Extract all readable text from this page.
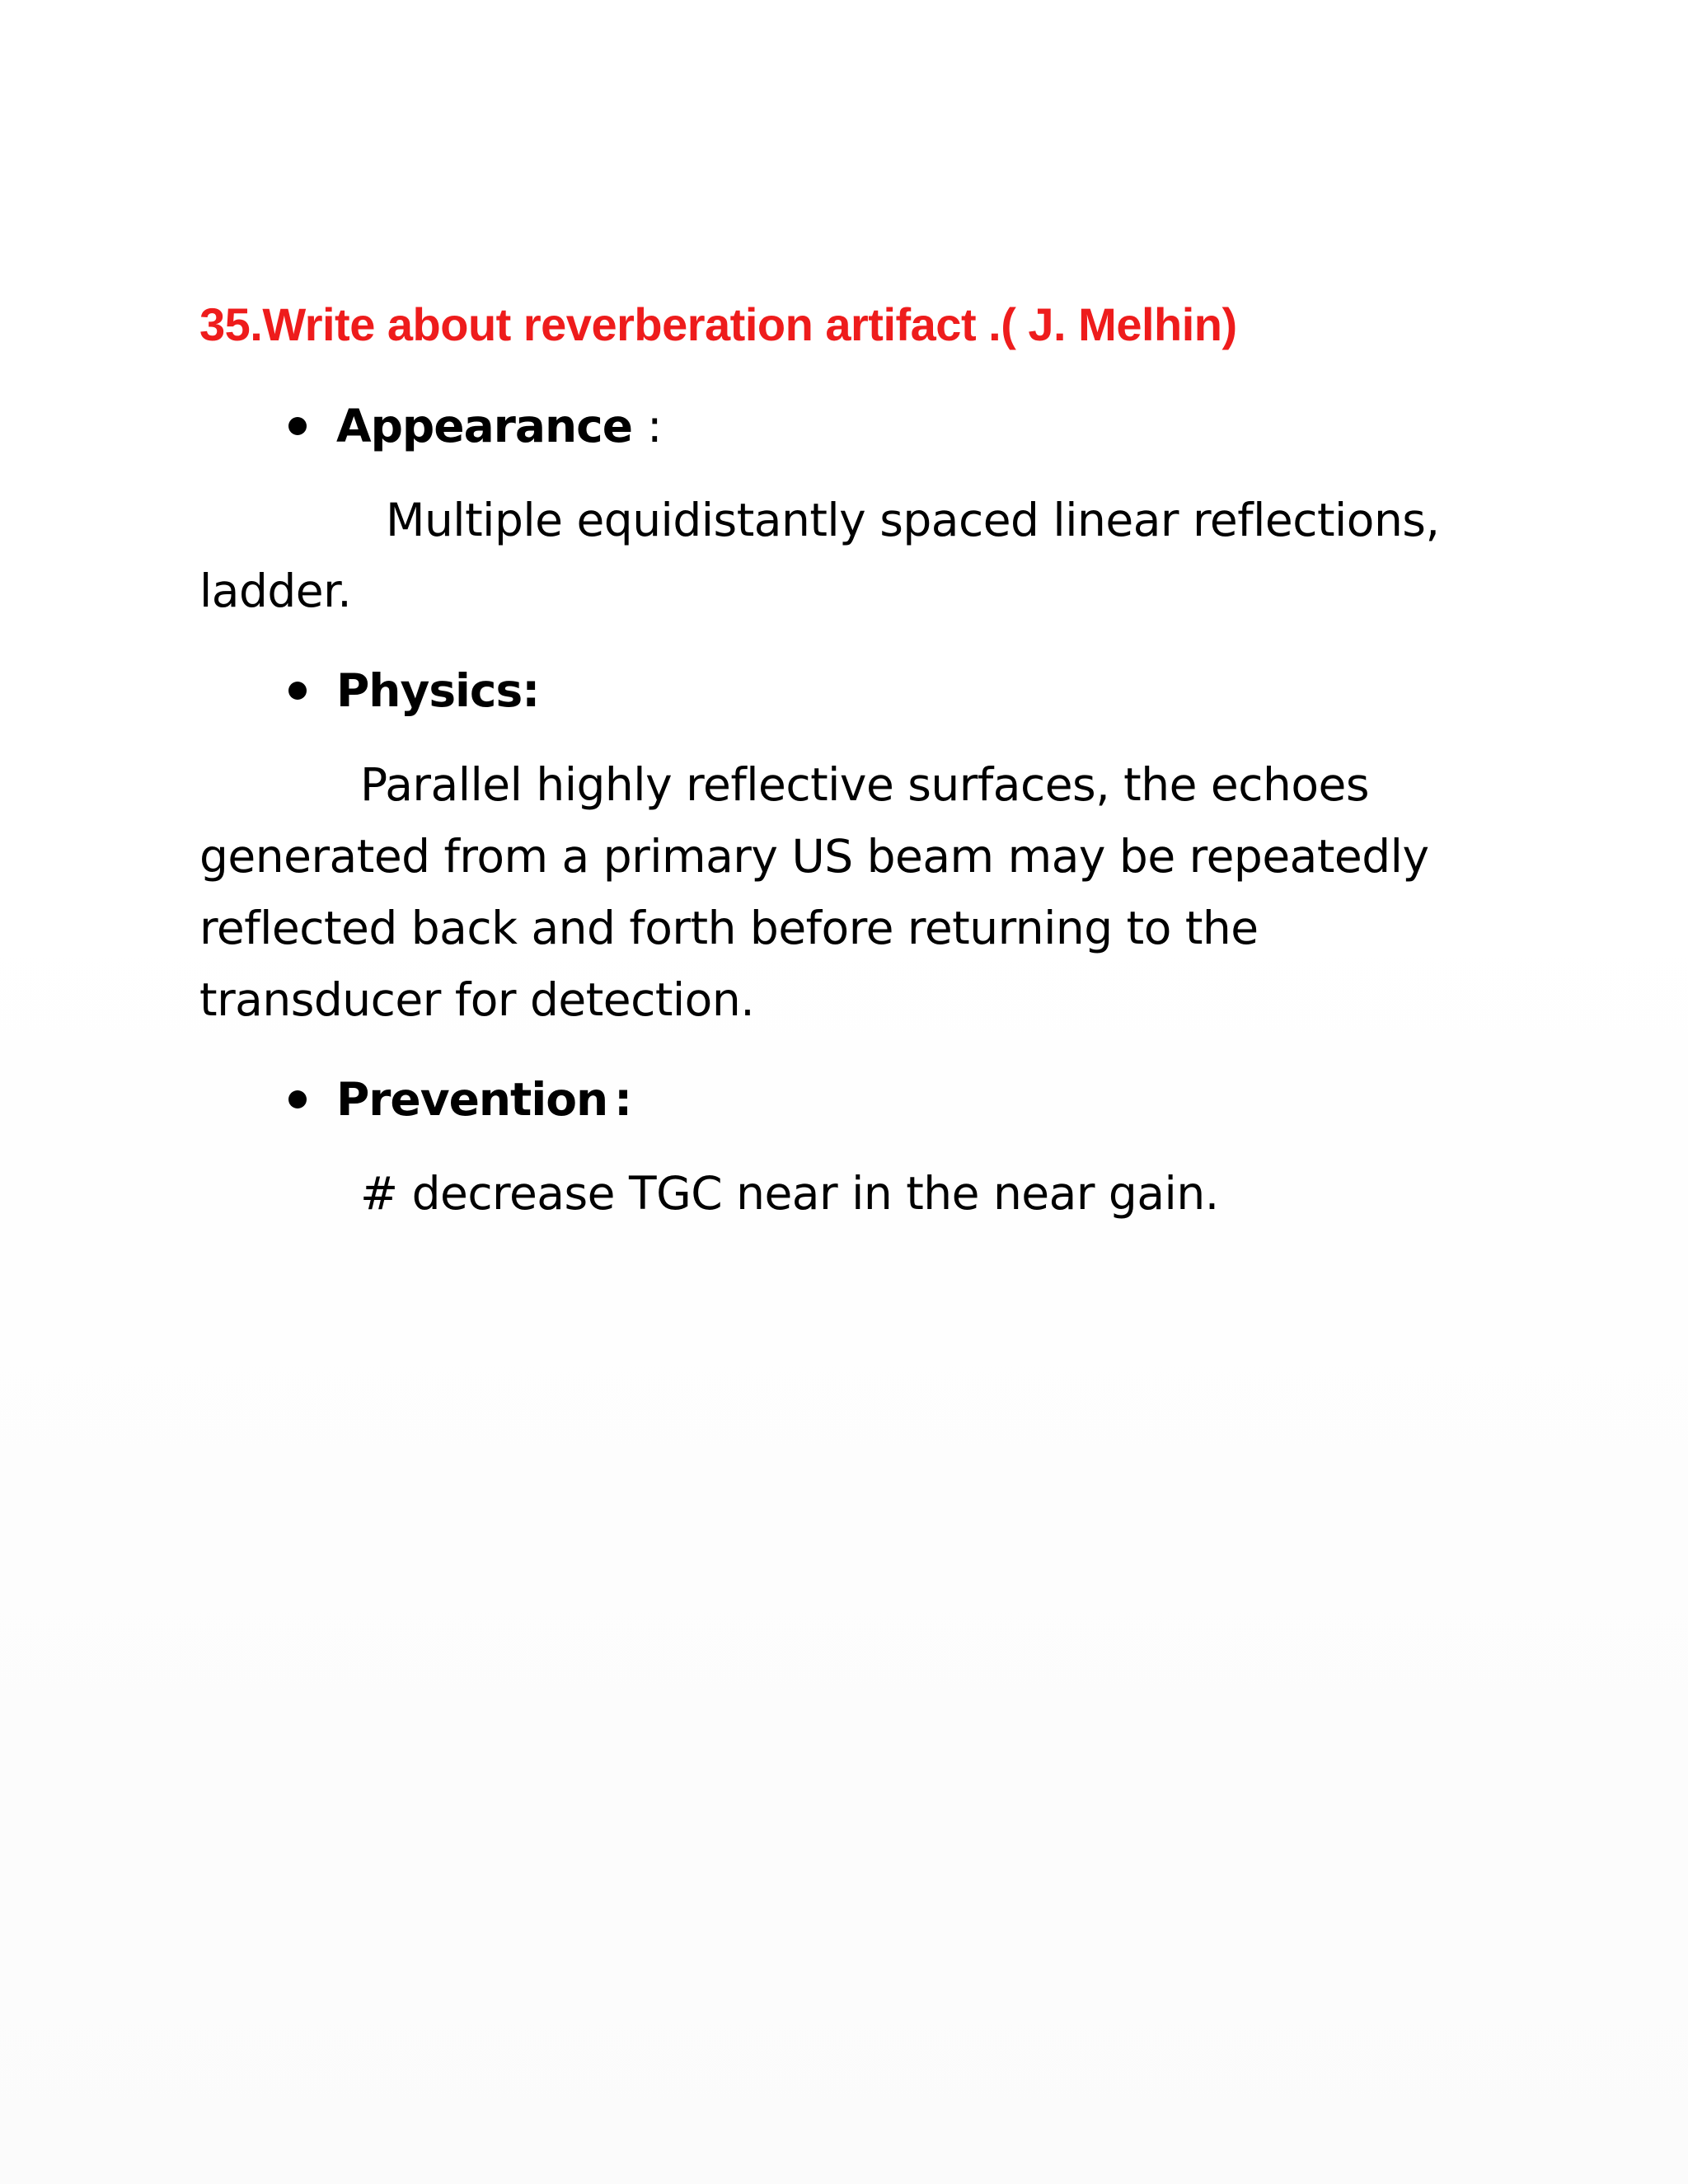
35.Write about reverberation artifact .( J. Melhin)
Appearance :

Multiple equidistantly spaced linear reflections,

ladder.

Physics:

Parallel highly reflective surfaces, the echoes

generated from a primary US beam may be repeatedly

reflected back and forth before returning to the

transducer for detection.

Prevention :

# decrease TGC near in the near gain.
